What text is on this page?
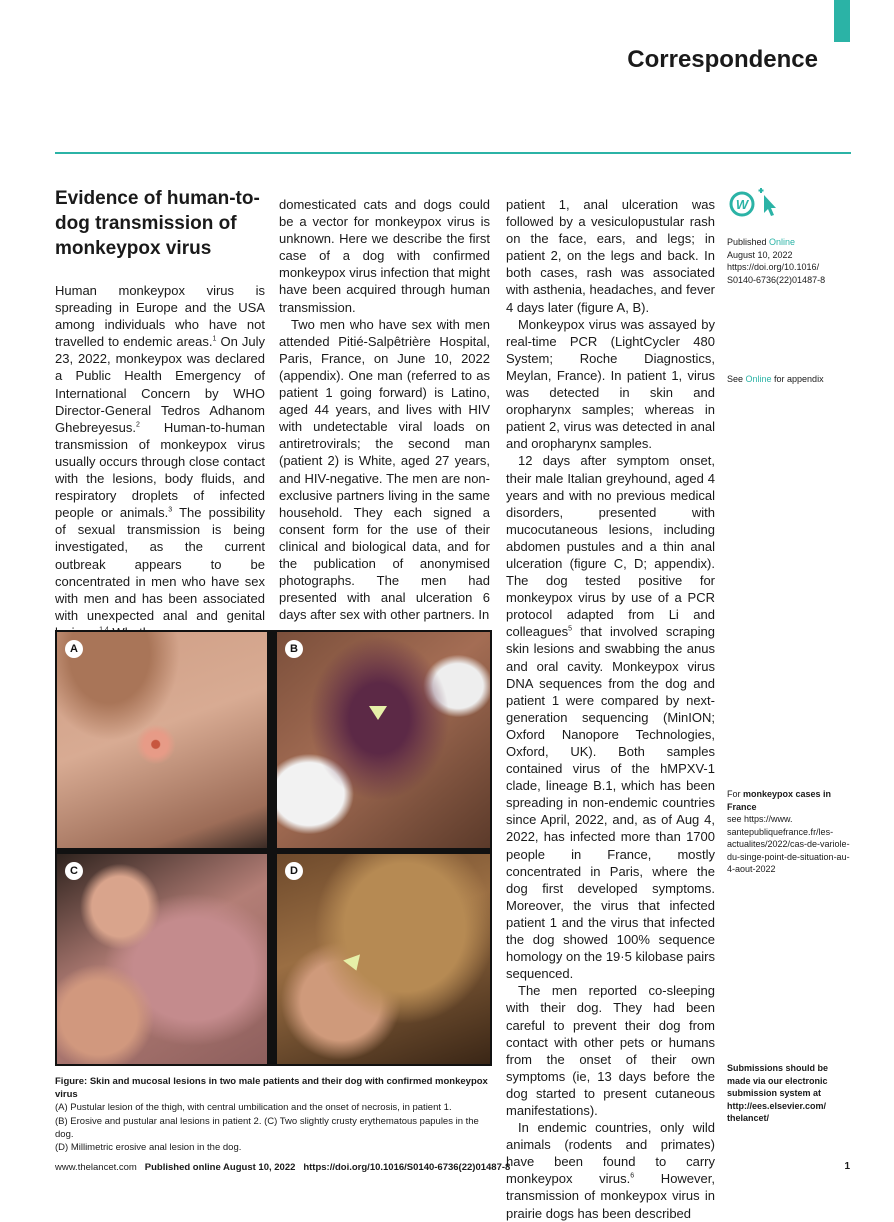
Correspondence
Evidence of human-to-dog transmission of monkeypox virus

Human monkeypox virus is spreading in Europe and the USA among individuals who have not travelled to endemic areas.$^1$ On July 23, 2022, monkeypox was declared a Public Health Emergency of International Concern by WHO Director-General Tedros Adhanom Ghebreyesus.$^2$ Human-to-human transmission of monkeypox virus usually occurs through close contact with the lesions, body fluids, and respiratory droplets of infected people or animals.$^3$ The possibility of sexual transmission is being investigated, as the current outbreak appears to be concentrated in men who have sex with men and has been associated with unexpected anal and genital

domesticated cats and dogs could be a vector for monkeypox virus is unknown. Here we describe the first case of a dog with confirmed monkeypox virus infection that might have been acquired through human transmission.

Two men who have sex with men attended Pitié-Salpêtrière Hospital, Paris, France, on June 10, 2022 (appendix). One man (referred to as patient 1 going forward) is Latino, aged 44 years, and lives with HIV with undetectable viral loads on antiretrovirals; the second man (patient 2) is White, aged 27 years, and HIV-negative. The men are non-exclusive partners living in the same household. They each signed a consent form for the use of their clinical and biological data, and for the publication of anonymised photographs. The men had presented with anal ulceration 6 days after sex with other partners. In

patient 1, anal ulceration was followed by a vesiculopustular rash on the face, ears, and legs; in patient 2, on the legs and back. In both cases, rash was associated with asthenia, headaches, and fever 4 days later (figure A, B).

Monkeypox virus was assayed by real-time PCR (LightCycler 480 System; Roche Diagnostics, Meylan, France). In patient 1, virus was detected in skin and oropharynx samples; whereas in patient 2, virus was detected in anal and oropharynx samples.

12 days after symptom onset, their male Italian greyhound, aged 4 years and with no previous medical disorders, presented with mucocutaneous lesions, including abdomen pustules and a thin anal ulceration (figure C, D; appendix). The dog tested positive for monkeypox virus by use of a PCR protocol adapted from Li and colleagues$^5$ that involved scraping skin lesions and swabbing the anus and oral cavity. Monkeypox virus DNA sequences from the dog and patient 1 were compared by next-generation sequencing (MinION; Oxford Nanopore Technologies, Oxford, UK). Both samples contained virus of the hMPXV-1 clade, lineage B.1, which has been spreading in non-endemic countries since April, 2022, and, as of Aug 4, 2022, has infected more than 1700 people in France, mostly concentrated in Paris, where the dog first developed symptoms. Moreover, the virus that infected patient 1 and the virus that infected the dog showed 100% sequence homology on the 19·5 kilobase pairs sequenced.

The men reported co-sleeping with their dog. They had been careful to prevent their dog from contact with other pets or humans from the onset of their own symptoms (ie, 13 days before the dog started to present cutaneous manifestations).

In endemic countries, only wild animals (rodents and primates) have been found to carry monkeypox virus.$^6$ However, transmission of monkeypox virus in prairie dogs has been described

W
Published Online
August 10, 2022
https://doi.org/10.1016/
S0140-6736(22)01487-8
See Online for appendix
For monkeypox cases in France
see https://www.
santepubliquefrance.fr/les-
actualites/2022/cas-de-variole-
du-singe-point-de-situation-au-
4-aout-2022
Submissions should be
made via our electronic
submission system at
http://ees.elsevier.com/
thelancet/
A	B
C	D
Figure: Skin and mucosal lesions in two male patients and their dog with confirmed monkeypox virus
(A) Pustular lesion of the thigh, with central umbilication and the onset of necrosis, in patient 1.
(B) Erosive and pustular anal lesions in patient 2. (C) Two slightly crusty erythematous papules in the dog.
(D) Millimetric erosive anal lesion in the dog.
www.thelancet.com Published online August 10, 2022 https://doi.org/10.1016/S0140-6736(22)01487-8	1
